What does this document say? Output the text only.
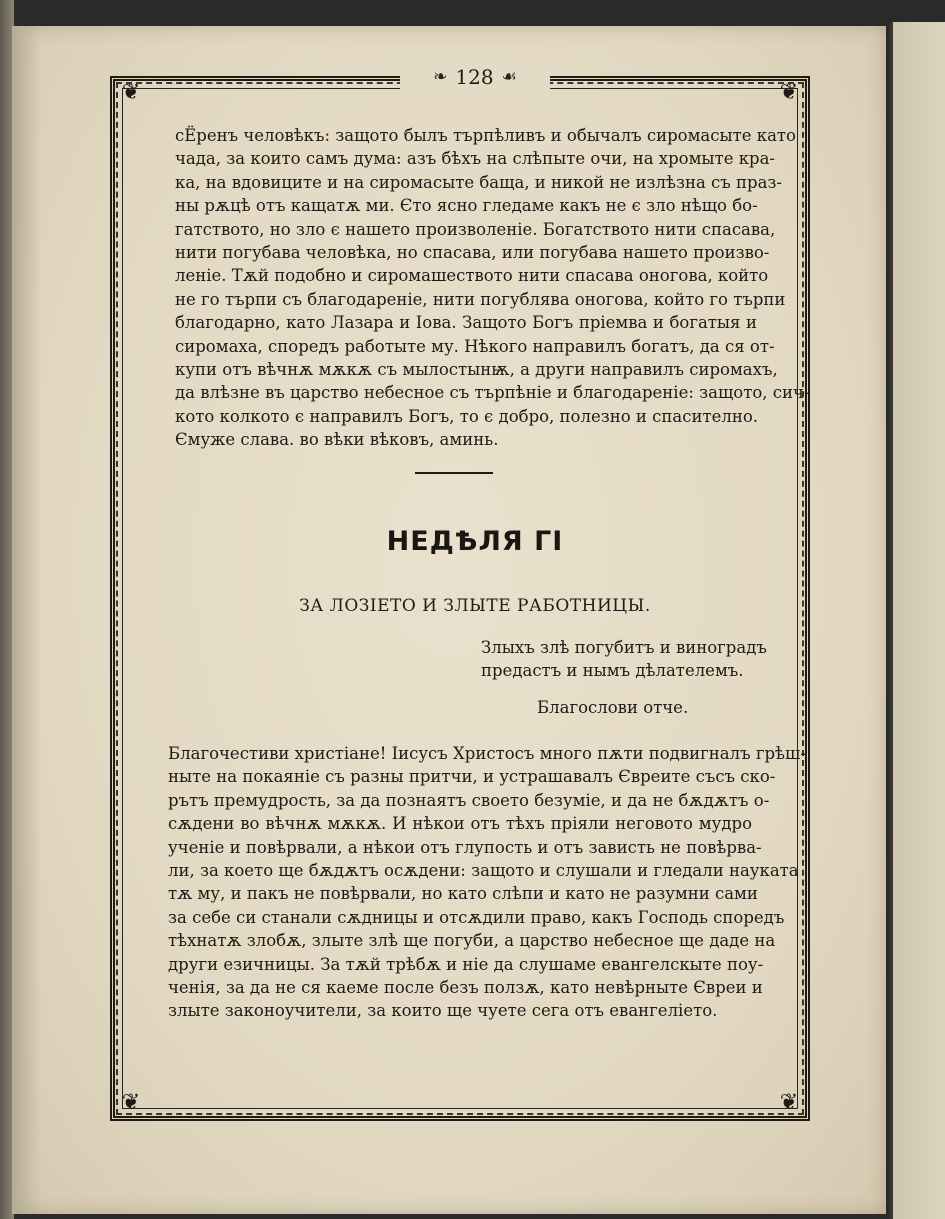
❦	❦
❦	❦
❧ 128 ☙
сЁренъ человѣкъ: защото былъ търпѣливъ и обычалъ сиромасыте като
чада, за които самъ дума: азъ бѣхъ на слѣпыте очи, на хромыте кра-
ка, на вдовиците и на сиромасыте баща, и никой не излѣзна съ праз-
ны рѫцѣ отъ кащатѫ ми. Єто ясно гледаме какъ не є зло нѣщо бо-
гатството, но зло є нашето произволеніе. Богатството нити спасава,
нити погубава человѣка, но спасава, или погубава нашето произво-
леніе. Тѫй подобно и сиромашеството нити спасава оногова, който
не го търпи съ благодареніе, нити погублява оногова, който го търпи
благодарно, като Лазара и Іова. Защото Богъ пріемва и богатыя и
сиромаха, споредъ работыте му. Нѣкого направилъ богатъ, да ся от-
купи отъ вѣчнѫ мѫкѫ съ мылостынѭ, а други направилъ сиромахъ,
да влѣзне въ царство небесное съ търпѣніе и благодареніе: защото, сич-
кото колкото є направилъ Богъ, то є добро, полезно и спасително.
Ємуже слава. во вѣки вѣковъ, аминь.
НЕДѢЛЯ ГІ
ЗА ЛОЗІЕТО И ЗЛЫТЕ РАБОТНИЦЫ.
Злыхъ злѣ погубитъ и виноградъ
предастъ и нымъ дѣлателемъ.
Благослови отче.
Благочестиви христіане! Іисусъ Христосъ много пѫти подвигналъ грѣш-
ныте на покаяніе съ разны притчи, и устрашавалъ Євреите съсъ ско-
рътъ премудрость, за да познаятъ своето безуміе, и да не бѫдѫтъ о-
сѫдени во вѣчнѫ мѫкѫ. И нѣкои отъ тѣхъ пріяли неговото мудро
ученіе и повѣрвали, а нѣкои отъ глупость и отъ зависть не повѣрва-
ли, за което ще бѫдѫтъ осѫдени: защото и слушали и гледали науката
тѫ му, и пакъ не повѣрвали, но като слѣпи и като не разумни сами
за себе си станали сѫдницы и отсѫдили право, какъ Господь споредъ
тѣхнатѫ злобѫ, злыте злѣ ще погуби, а царство небесное ще даде на
други езичницы. За тѫй трѣбѫ и ніе да слушаме евангелскыте поу-
ченія, за да не ся каеме после безъ ползѫ, като невѣрныте Євреи и
злыте законоучители, за които ще чуете сега отъ евангеліето.
